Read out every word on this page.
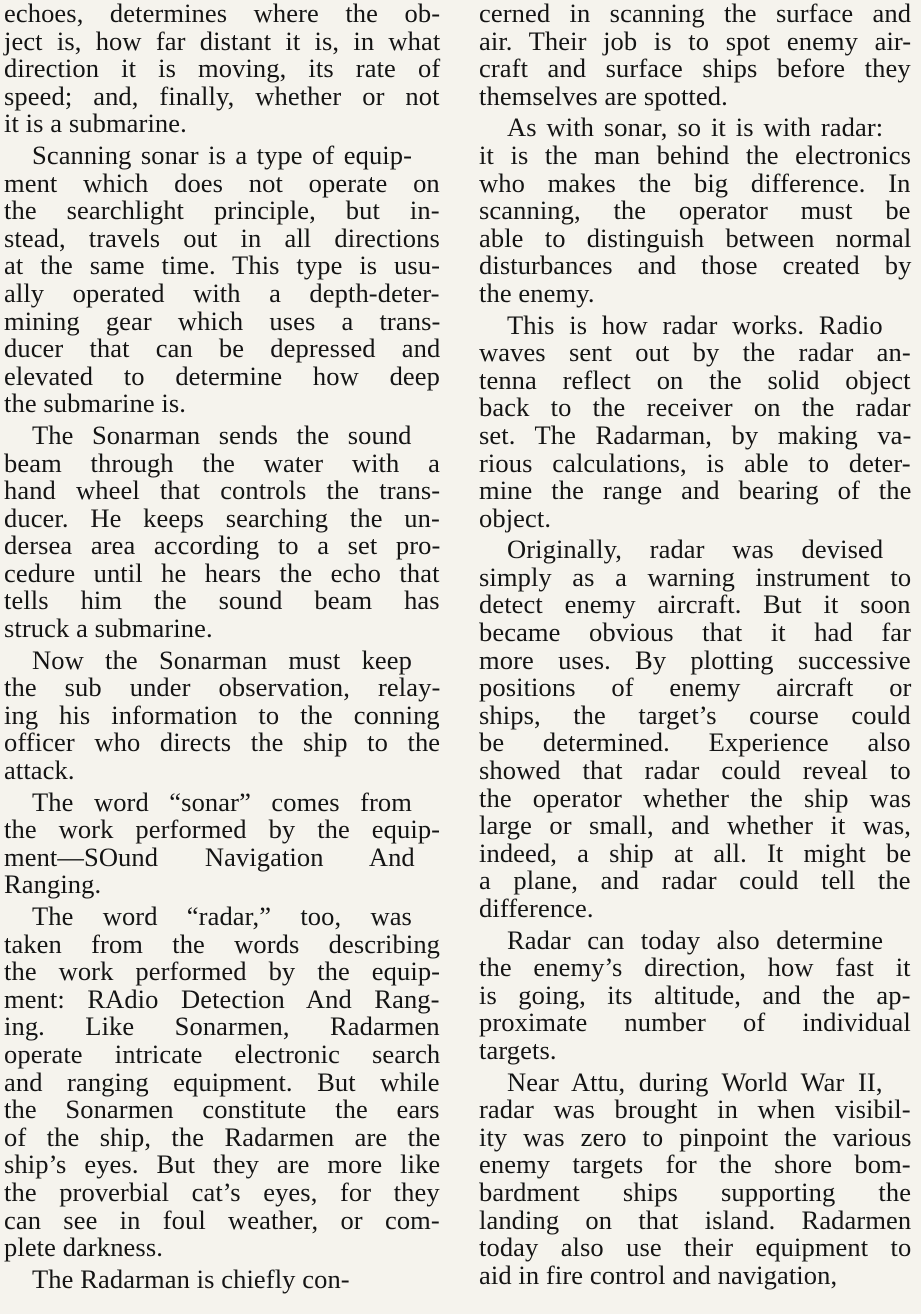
echoes, determines where the ob-
ject is, how far distant it is, in what
direction it is moving, its rate of
speed; and, finally, whether or not
it is a submarine.
Scanning sonar is a type of equip-
ment which does not operate on
the searchlight principle, but in-
stead, travels out in all directions
at the same time. This type is usu-
ally operated with a depth-deter-
mining gear which uses a trans-
ducer that can be depressed and
elevated to determine how deep
the submarine is.
The Sonarman sends the sound
beam through the water with a
hand wheel that controls the trans-
ducer. He keeps searching the un-
dersea area according to a set pro-
cedure until he hears the echo that
tells him the sound beam has
struck a submarine.
Now the Sonarman must keep
the sub under observation, relay-
ing his information to the conning
officer who directs the ship to the
attack.
The word “sonar” comes from
the work performed by the equip-
ment—SOund Navigation And
Ranging.
The word “radar,” too, was
taken from the words describing
the work performed by the equip-
ment: RAdio Detection And Rang-
ing. Like Sonarmen, Radarmen
operate intricate electronic search
and ranging equipment. But while
the Sonarmen constitute the ears
of the ship, the Radarmen are the
ship’s eyes. But they are more like
the proverbial cat’s eyes, for they
can see in foul weather, or com-
plete darkness.
The Radarman is chiefly con-
cerned in scanning the surface and
air. Their job is to spot enemy air-
craft and surface ships before they
themselves are spotted.
As with sonar, so it is with radar:
it is the man behind the electronics
who makes the big difference. In
scanning, the operator must be
able to distinguish between normal
disturbances and those created by
the enemy.
This is how radar works. Radio
waves sent out by the radar an-
tenna reflect on the solid object
back to the receiver on the radar
set. The Radarman, by making va-
rious calculations, is able to deter-
mine the range and bearing of the
object.
Originally, radar was devised
simply as a warning instrument to
detect enemy aircraft. But it soon
became obvious that it had far
more uses. By plotting successive
positions of enemy aircraft or
ships, the target’s course could
be determined. Experience also
showed that radar could reveal to
the operator whether the ship was
large or small, and whether it was,
indeed, a ship at all. It might be
a plane, and radar could tell the
difference.
Radar can today also determine
the enemy’s direction, how fast it
is going, its altitude, and the ap-
proximate number of individual
targets.
Near Attu, during World War II,
radar was brought in when visibil-
ity was zero to pinpoint the various
enemy targets for the shore bom-
bardment ships supporting the
landing on that island. Radarmen
today also use their equipment to
aid in fire control and navigation,
